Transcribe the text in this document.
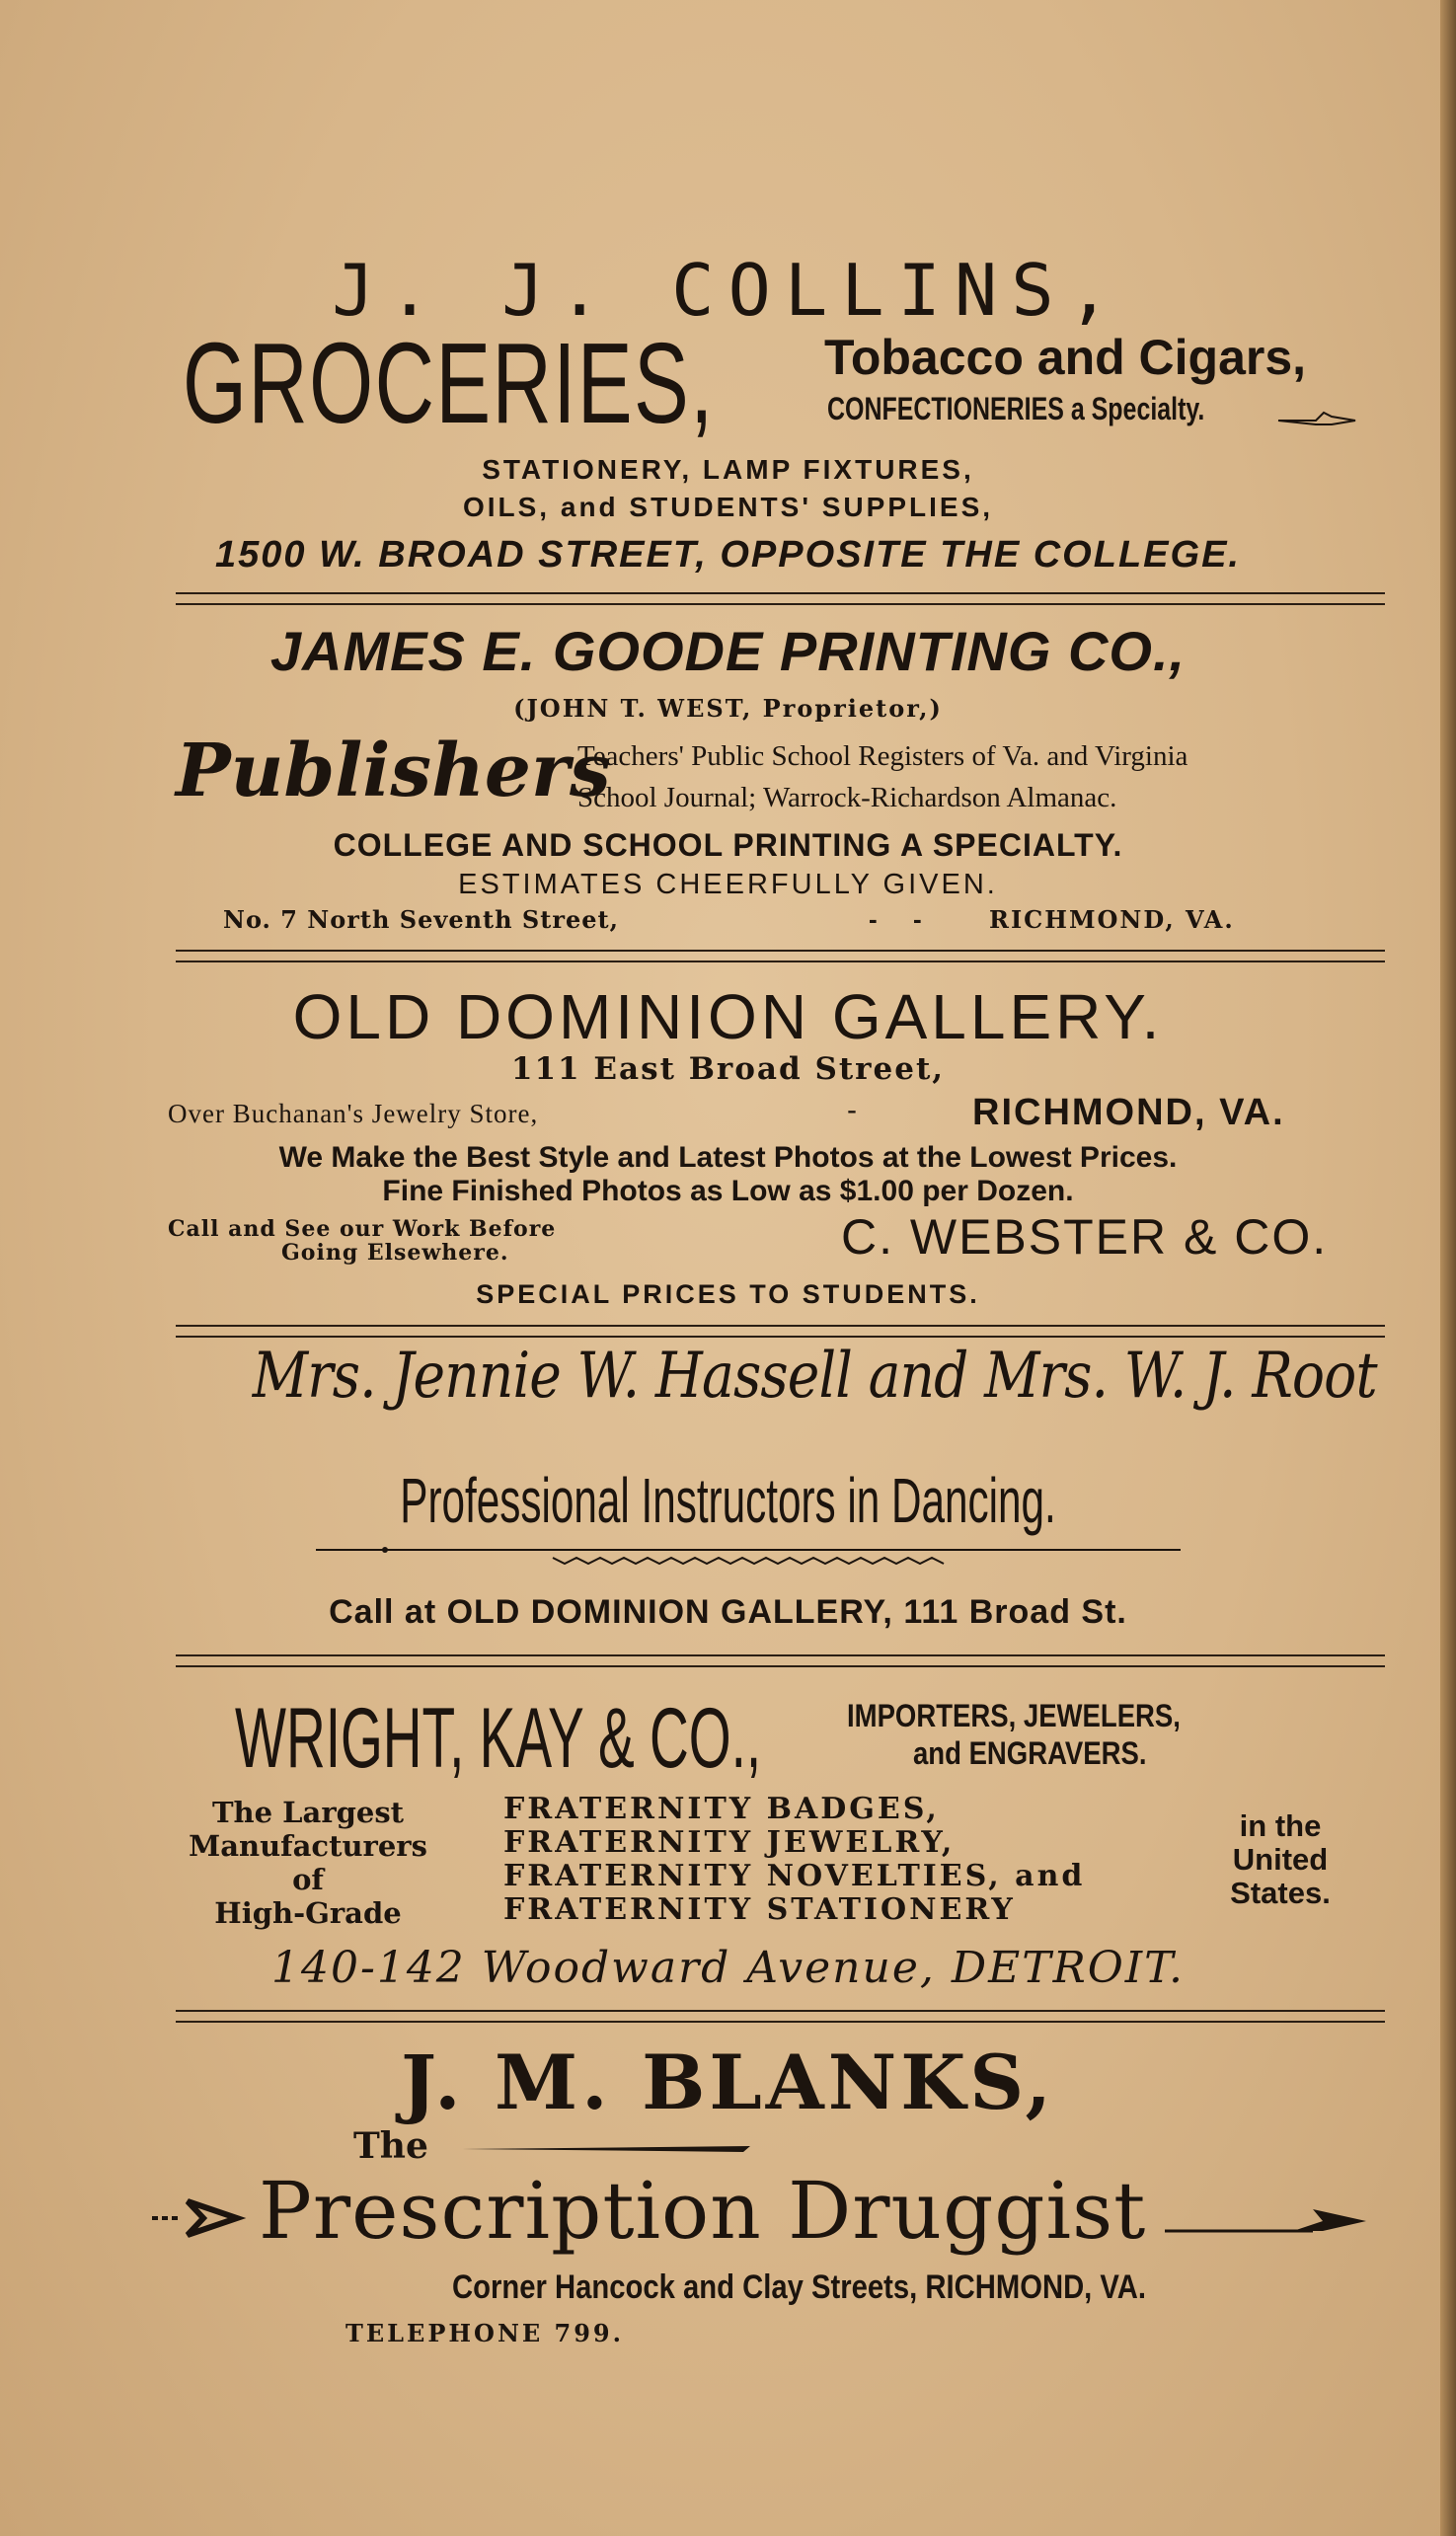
J. J. COLLINS,
GROCERIES, Tobacco and Cigars,
CONFECTIONERIES a Specialty.
STATIONERY, LAMP FIXTURES,
OILS, and STUDENTS' SUPPLIES,
1500 W. BROAD STREET, OPPOSITE THE COLLEGE.
JAMES E. GOODE PRINTING CO.,
(JOHN T. WEST, Proprietor,)
Publishers
Teachers' Public School Registers of Va. and Virginia
School Journal; Warrock-Richardson Almanac.
COLLEGE AND SCHOOL PRINTING A SPECIALTY.
ESTIMATES CHEERFULLY GIVEN.
No. 7 North Seventh Street,	- -	RICHMOND, VA.
OLD DOMINION GALLERY.
111 East Broad Street,
Over Buchanan's Jewelry Store,	-	RICHMOND, VA.
We Make the Best Style and Latest Photos at the Lowest Prices.
Fine Finished Photos as Low as $1.00 per Dozen.
Call and See our Work Before
Going Elsewhere.	C. WEBSTER & CO.
SPECIAL PRICES TO STUDENTS.
Mrs. Jennie W. Hassell and Mrs. W. J. Root
Professional Instructors in Dancing.
Call at OLD DOMINION GALLERY, 111 Broad St.
WRIGHT, KAY & CO.,	IMPORTERS, JEWELERS,
and ENGRAVERS.
The Largest
Manufacturers
of
High-Grade
FRATERNITY BADGES,
FRATERNITY JEWELRY,
FRATERNITY NOVELTIES, and
FRATERNITY STATIONERY
in the
United
States.
140-142 Woodward Avenue, DETROIT.
J. M. BLANKS,
The
Prescription Druggist
Corner Hancock and Clay Streets, RICHMOND, VA.
TELEPHONE 799.
